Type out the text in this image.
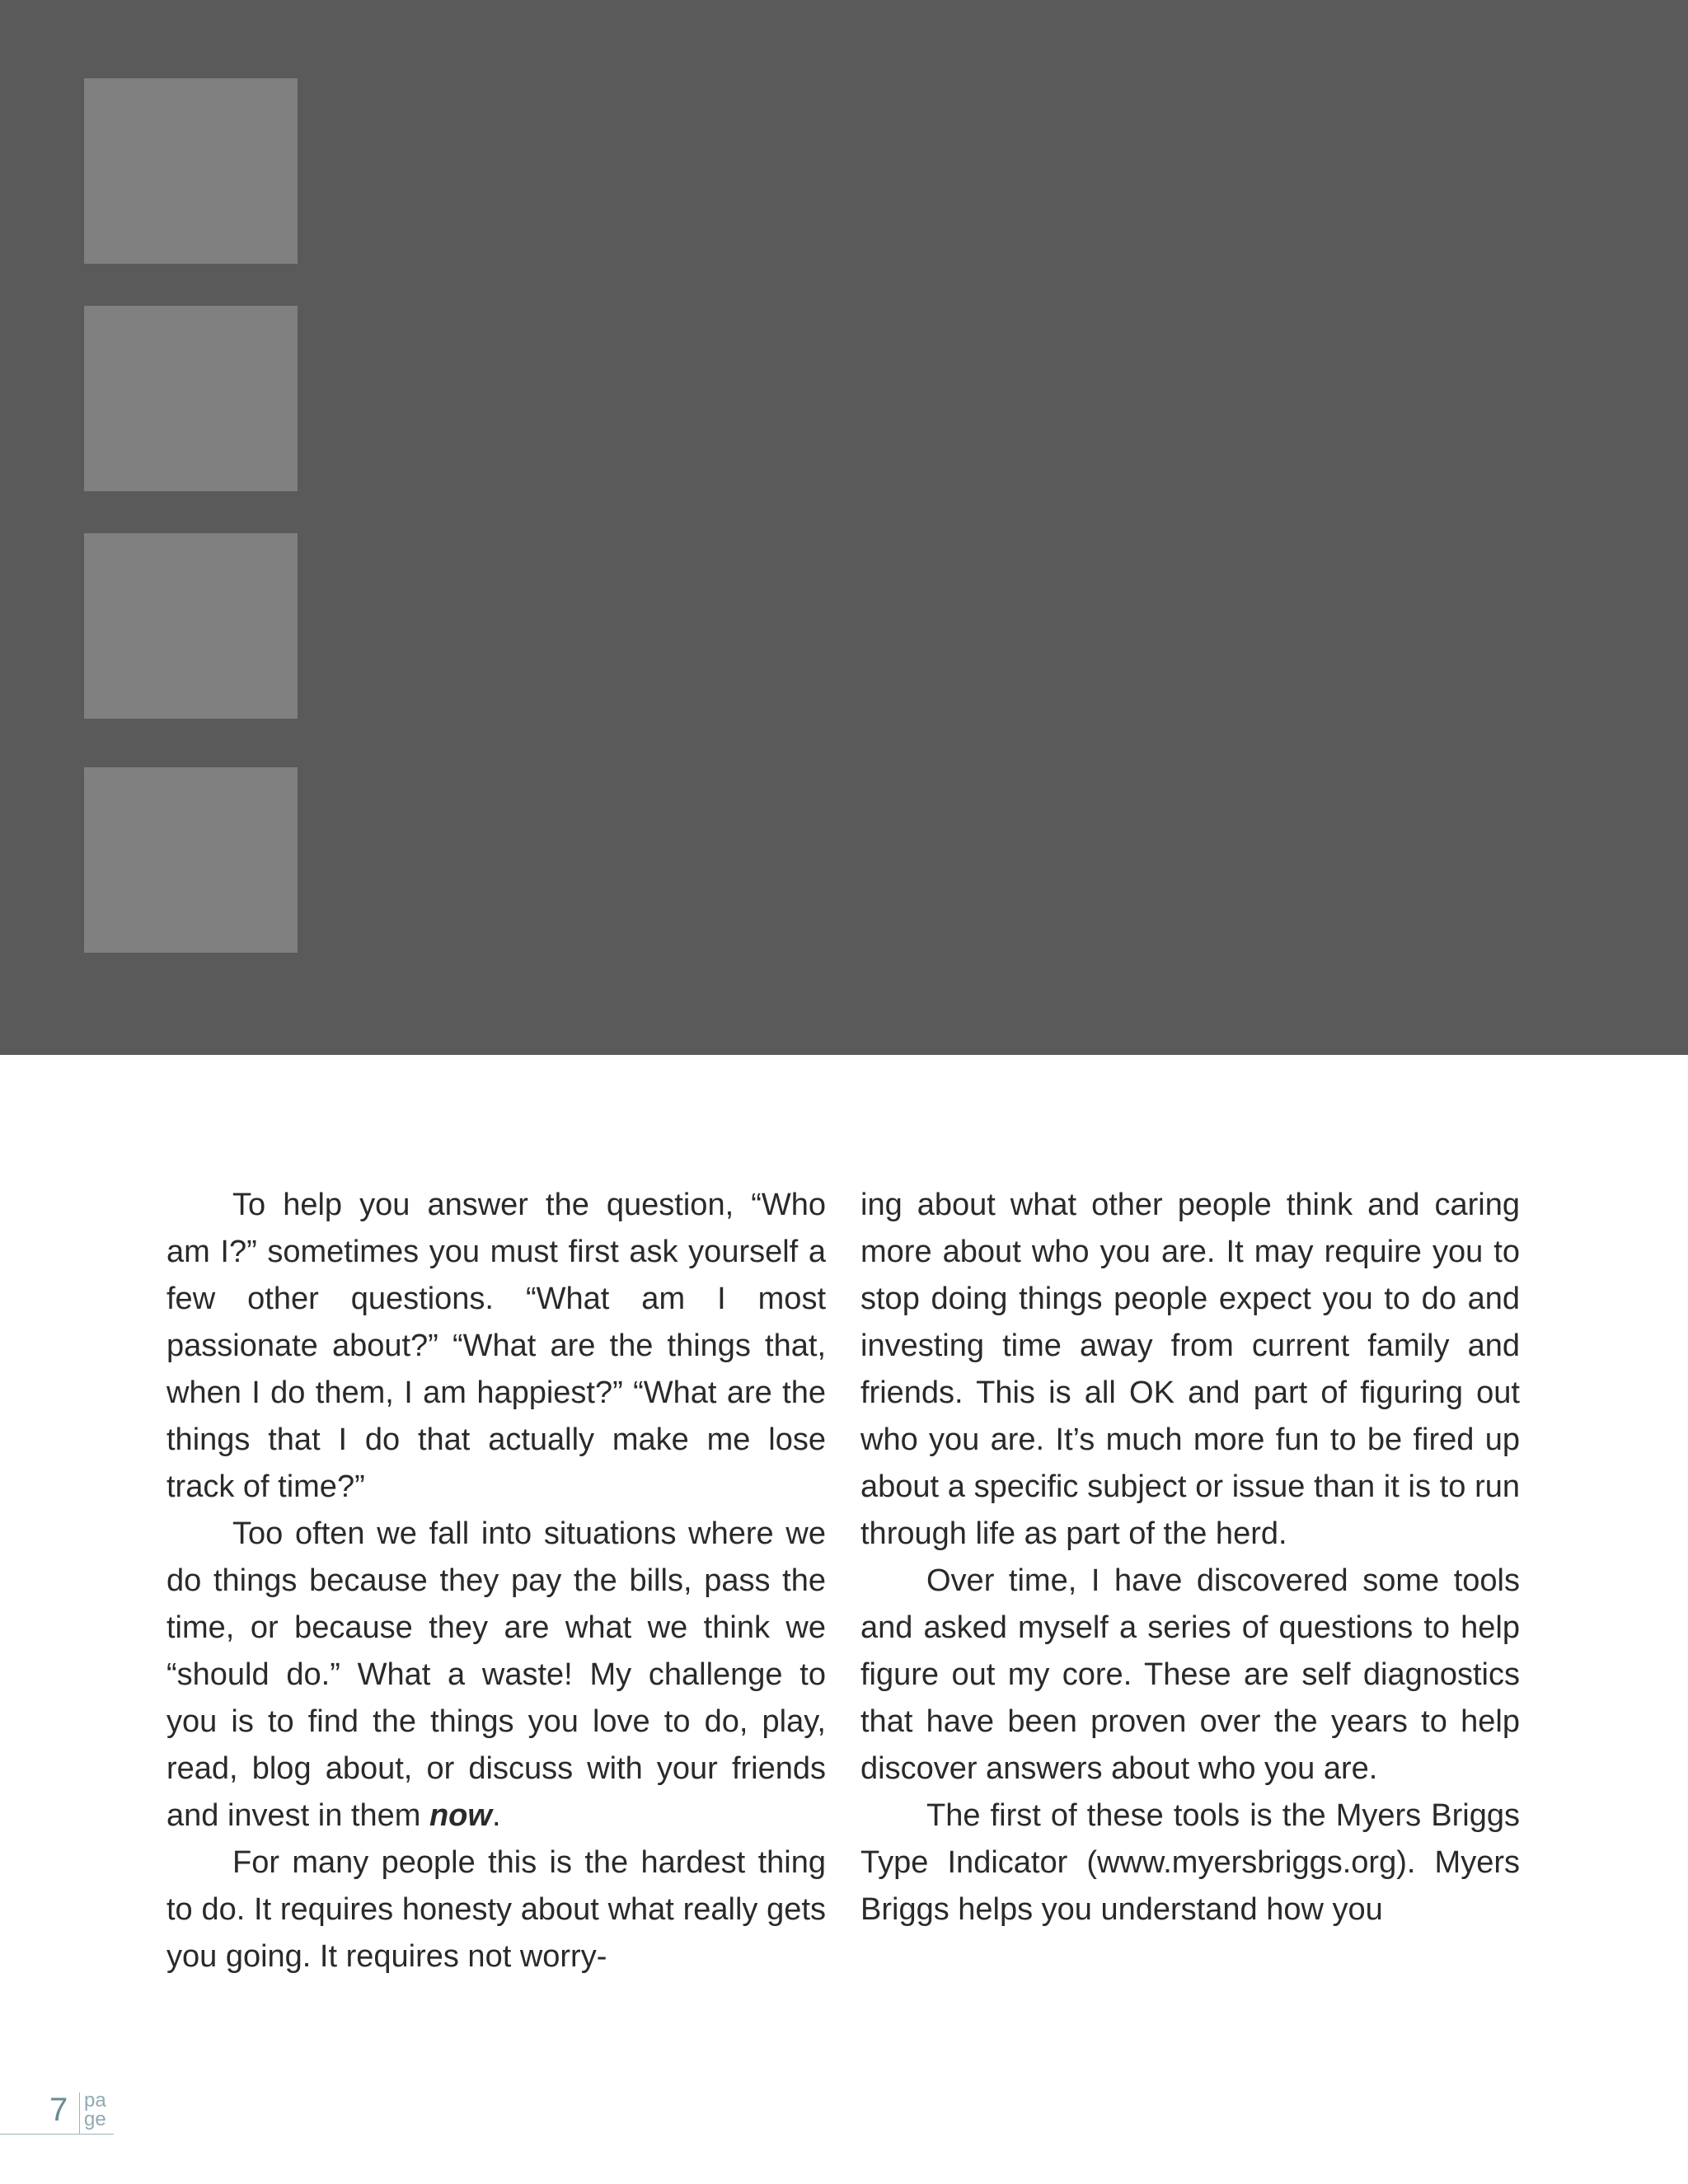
To help you answer the question, “Who am I?” sometimes you must first ask yourself a few other questions. “What am I most passionate about?” “What are the things that, when I do them, I am happiest?” “What are the things that I do that actually make me lose track of time?”

Too often we fall into situations where we do things because they pay the bills, pass the time, or because they are what we think we “should do.” What a waste! My challenge to you is to find the things you love to do, play, read, blog about, or discuss with your friends and invest in them now.

For many people this is the hardest thing to do. It requires honesty about what really gets you going. It requires not worry-

ing about what other people think and caring more about who you are. It may require you to stop doing things people expect you to do and investing time away from current family and friends. This is all OK and part of figuring out who you are. It’s much more fun to be fired up about a specific subject or issue than it is to run through life as part of the herd.

Over time, I have discovered some tools and asked myself a series of questions to help figure out my core. These are self diagnostics that have been proven over the years to help discover answers about who you are.

The first of these tools is the Myers Briggs Type Indicator (www.myersbriggs.org). Myers Briggs helps you understand how you

7 pa
ge
